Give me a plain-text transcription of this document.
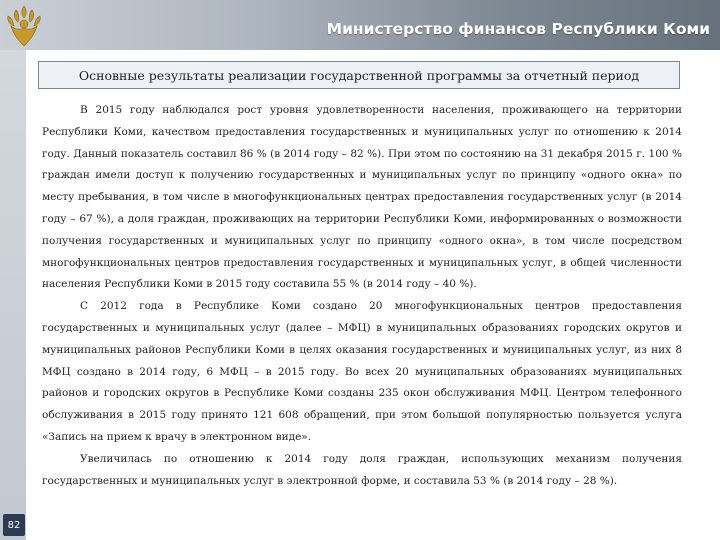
Министерство финансов Республики Коми
Основные результаты реализации государственной программы за отчетный период

В 2015 году наблюдался рост уровня удовлетворенности населения, проживающего на территории Республики Коми, качеством предоставления государственных и муниципальных услуг по отношению к 2014 году. Данный показатель составил 86 % (в 2014 году – 82 %). При этом по состоянию на 31 декабря 2015 г. 100 % граждан имели доступ к получению государственных и муниципальных услуг по принципу «одного окна» по месту пребывания, в том числе в многофункциональных центрах предоставления государственных услуг (в 2014 году – 67 %), а доля граждан, проживающих на территории Республики Коми, информированных о возможности получения государственных и муниципальных услуг по принципу «одного окна», в том числе посредством многофункциональных центров предоставления государственных и муниципальных услуг, в общей численности населения Республики Коми в 2015 году составила 55 % (в 2014 году – 40 %).

С 2012 года в Республике Коми создано 20 многофункциональных центров предоставления государственных и муниципальных услуг (далее – МФЦ) в муниципальных образованиях городских округов и муниципальных районов Республики Коми в целях оказания государственных и муниципальных услуг, из них 8 МФЦ создано в 2014 году, 6 МФЦ – в 2015 году. Во всех 20 муниципальных образованиях муниципальных районов и городских округов в Республике Коми созданы 235 окон обслуживания МФЦ. Центром телефонного обслуживания в 2015 году принято 121 608 обращений, при этом большой популярностью пользуется услуга «Запись на прием к врачу в электронном виде».

Увеличилась по отношению к 2014 году доля граждан, использующих механизм получения государственных и муниципальных услуг в электронной форме, и составила 53 % (в 2014 году – 28 %).

82
